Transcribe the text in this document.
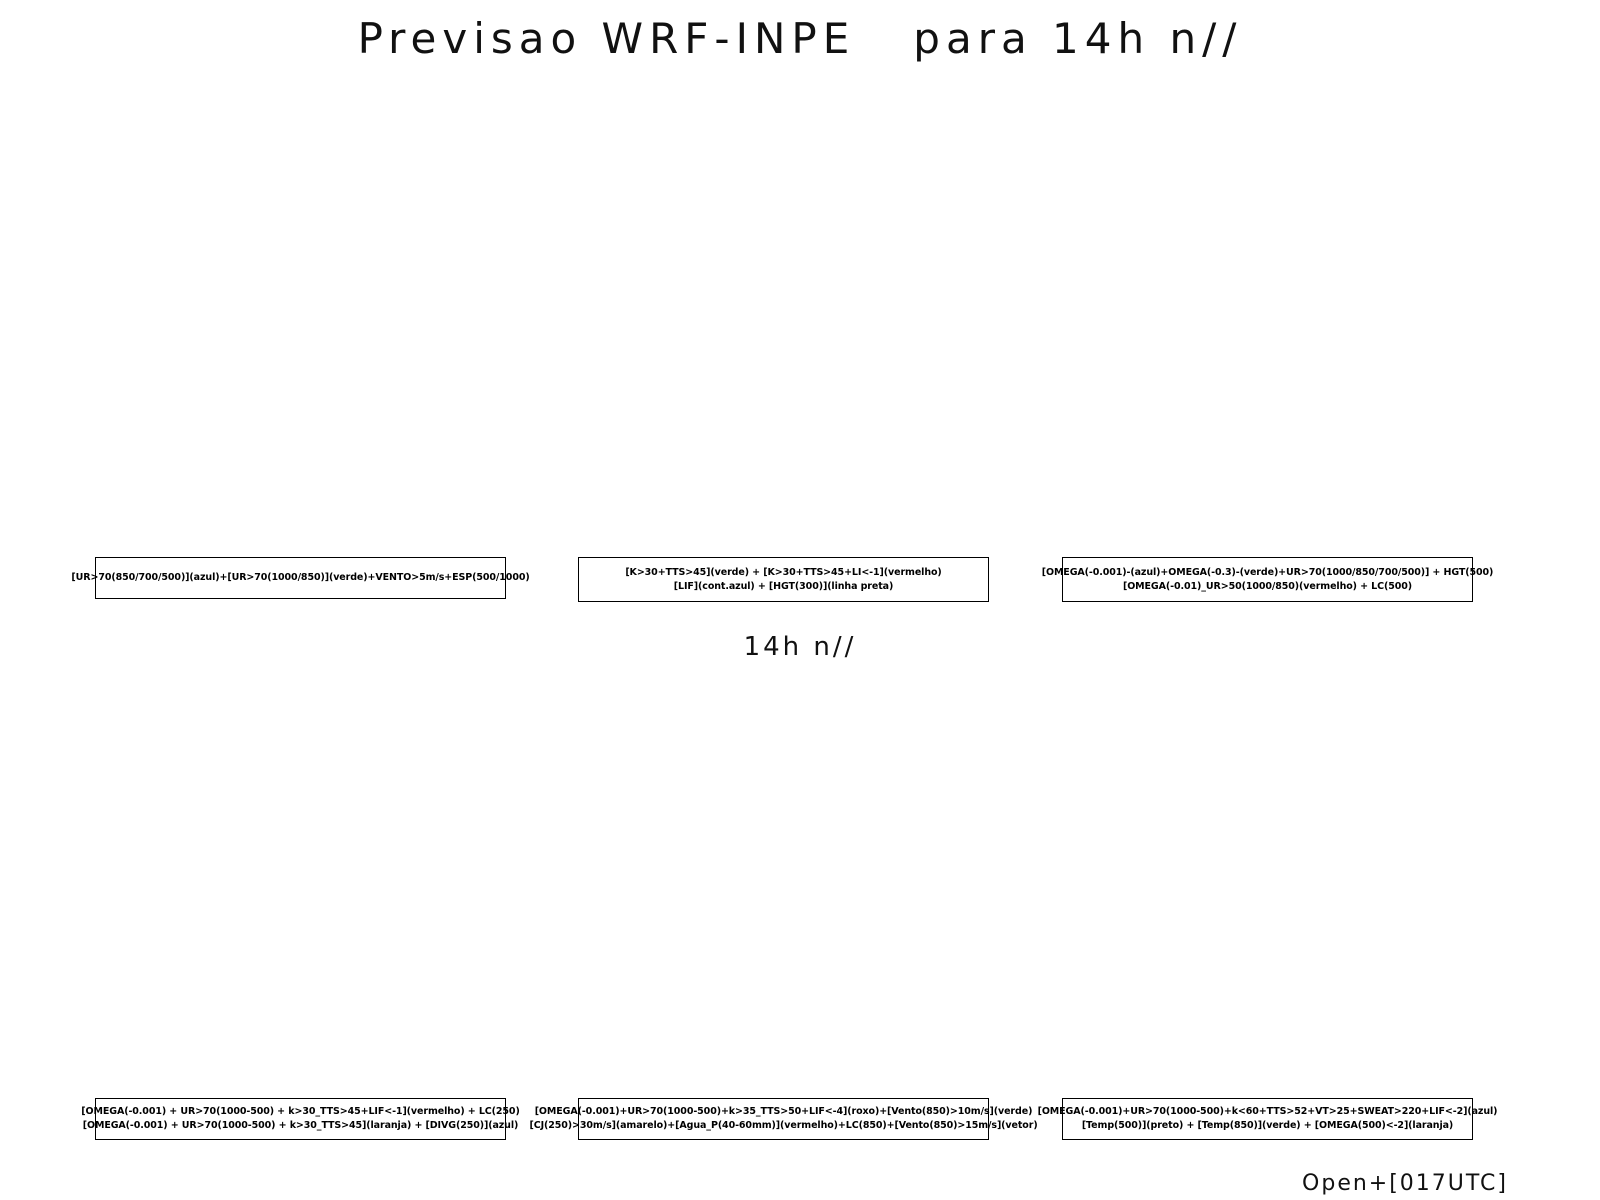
Previsao WRF-INPE   para 14h n//
[UR>70(850/700/500)](azul)+[UR>70(1000/850)](verde)+VENTO>5m/s+ESP(500/1000)	[K>30+TTS>45](verde) + [K>30+TTS>45+LI<-1](vermelho)
[LIF](cont.azul) + [HGT(300)](linha preta)
[OMEGA(-0.001)-(azul)+OMEGA(-0.3)-(verde)+UR>70(1000/850/700/500)] + HGT(500)
[OMEGA(-0.01)_UR>50(1000/850)(vermelho) + LC(500)
14h n//
[OMEGA(-0.001) + UR>70(1000-500) + k>30_TTS>45+LIF<-1](vermelho) + LC(250)
[OMEGA(-0.001) + UR>70(1000-500) + k>30_TTS>45](laranja) + [DIVG(250)](azul)
[OMEGA(-0.001)+UR>70(1000-500)+k>35_TTS>50+LIF<-4](roxo)+[Vento(850)>10m/s](verde)
[CJ(250)>30m/s](amarelo)+[Agua_P(40-60mm)](vermelho)+LC(850)+[Vento(850)>15m/s](vetor)
[OMEGA(-0.001)+UR>70(1000-500)+k<60+TTS>52+VT>25+SWEAT>220+LIF<-2](azul)
[Temp(500)](preto) + [Temp(850)](verde) + [OMEGA(500)<-2](laranja)
Open+[017UTC]
